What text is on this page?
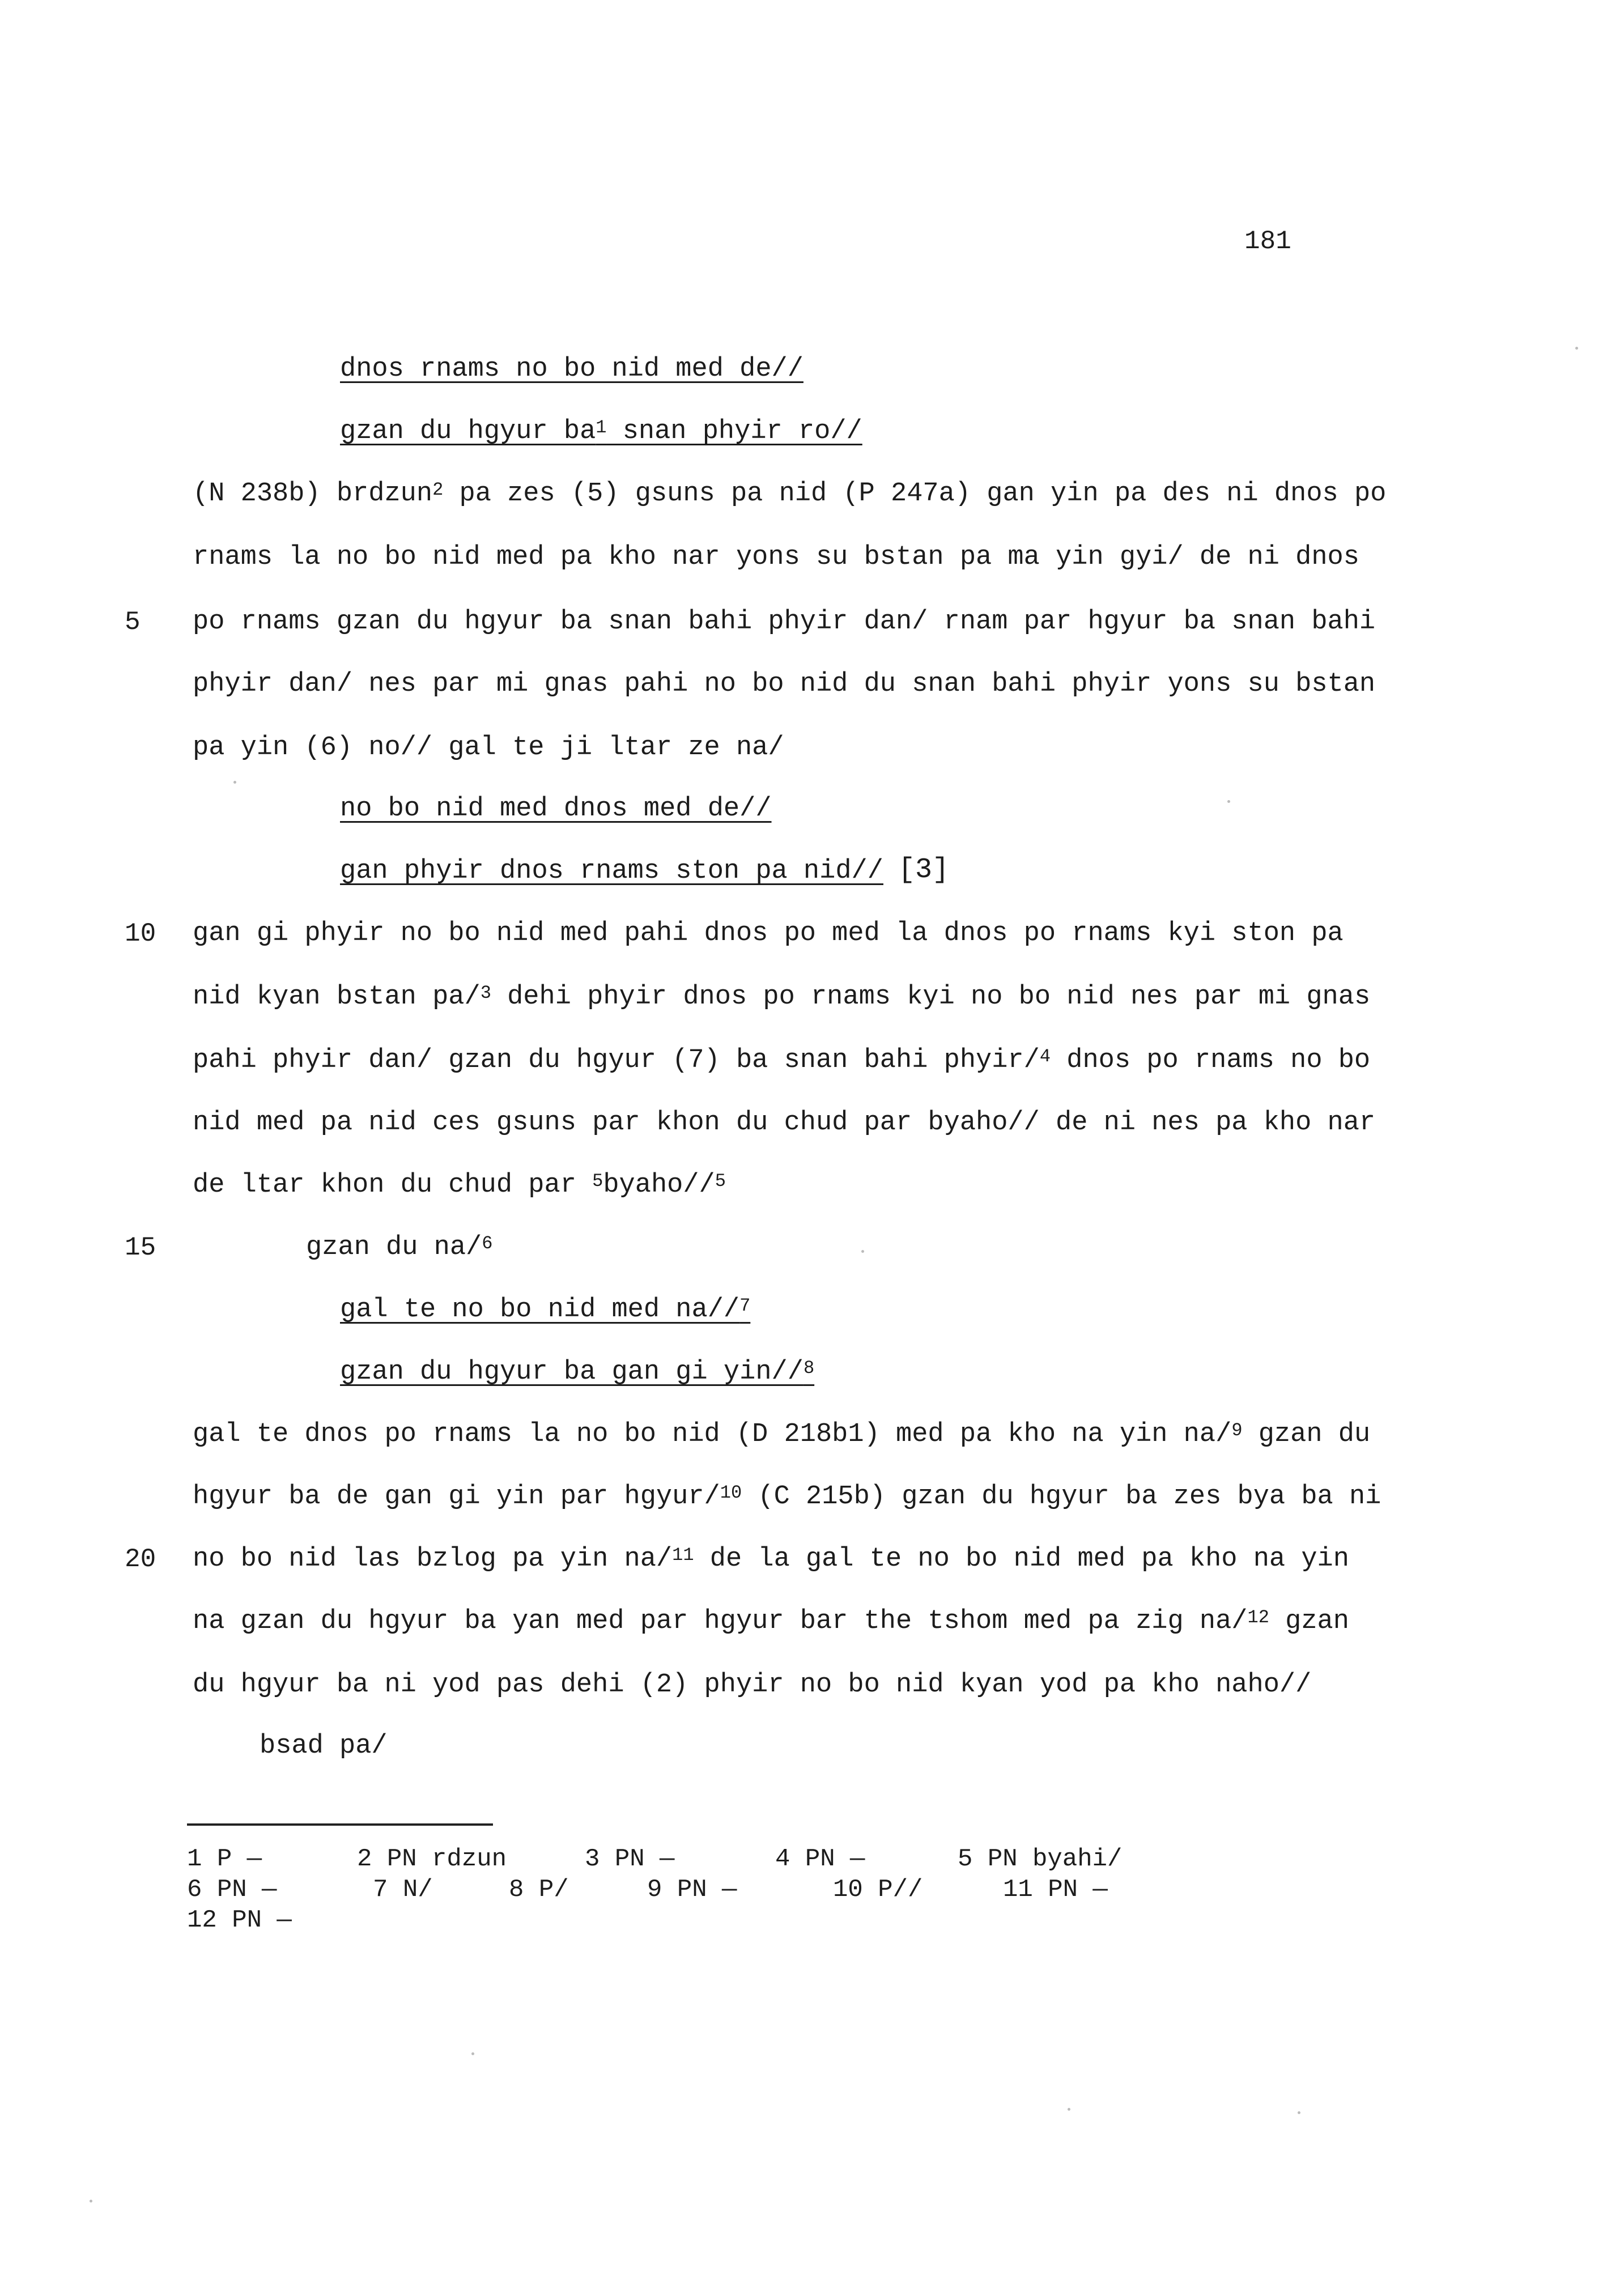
181
5
10
15
20
dnos rnams no bo nid med de//
gzan du hgyur $ba^1$ snan phyir ro//
(N 238b) brdzun$^2$ pa zes (5) gsuns pa nid (P 247a) gan yin pa des ni dnos po
rnams la no bo nid med pa kho nar yons su bstan pa ma yin gyi/ de ni dnos
po rnams gzan du hgyur ba snan bahi phyir dan/ rnam par hgyur ba snan bahi
phyir dan/ nes par mi gnas pahi no bo nid du snan bahi phyir yons su bstan
pa yin (6) no// gal te ji ltar ze na/
no bo nid med dnos med de//
gan phyir dnos rnams ston pa nid// [3]
gan gi phyir no bo nid med pahi dnos po med la dnos po rnams kyi ston pa
nid kyan bstan pa/$^3$ dehi phyir dnos po rnams kyi no bo nid nes par mi gnas
pahi phyir dan/ gzan du hgyur (7) ba snan bahi phyir/$^4$ dnos po rnams no bo
nid med pa nid ces gsuns par khon du chud par byaho// de ni nes pa kho nar
de ltar khon du chud par $^5$byaho//$^5$
gzan du na/$^6$
gal te no bo nid med na//$^7$
gzan du hgyur ba gan gi yin//$^8$
gal te dnos po rnams la no bo nid (D 218b1) med pa kho na yin na/$^9$ gzan du
hgyur ba de gan gi yin par hgyur/$^{10}$ (C 215b) gzan du hgyur ba zes bya ba ni
no bo nid las bzlog pa yin na/$^{11}$ de la gal te no bo nid med pa kho na yin
na gzan du hgyur ba yan med par hgyur bar the tshom med pa zig na/$^{12}$ gzan
du hgyur ba ni yod pas dehi (2) phyir no bo nid kyan yod pa kho naho//
bsad pa/
1 P ―	2 PN rdzun	3 PN ―	4 PN ―	5 PN byahi/
6 PN ―	7 N/	8 P/	9 PN ―	10 P//	11 PN ―
12 PN ―
